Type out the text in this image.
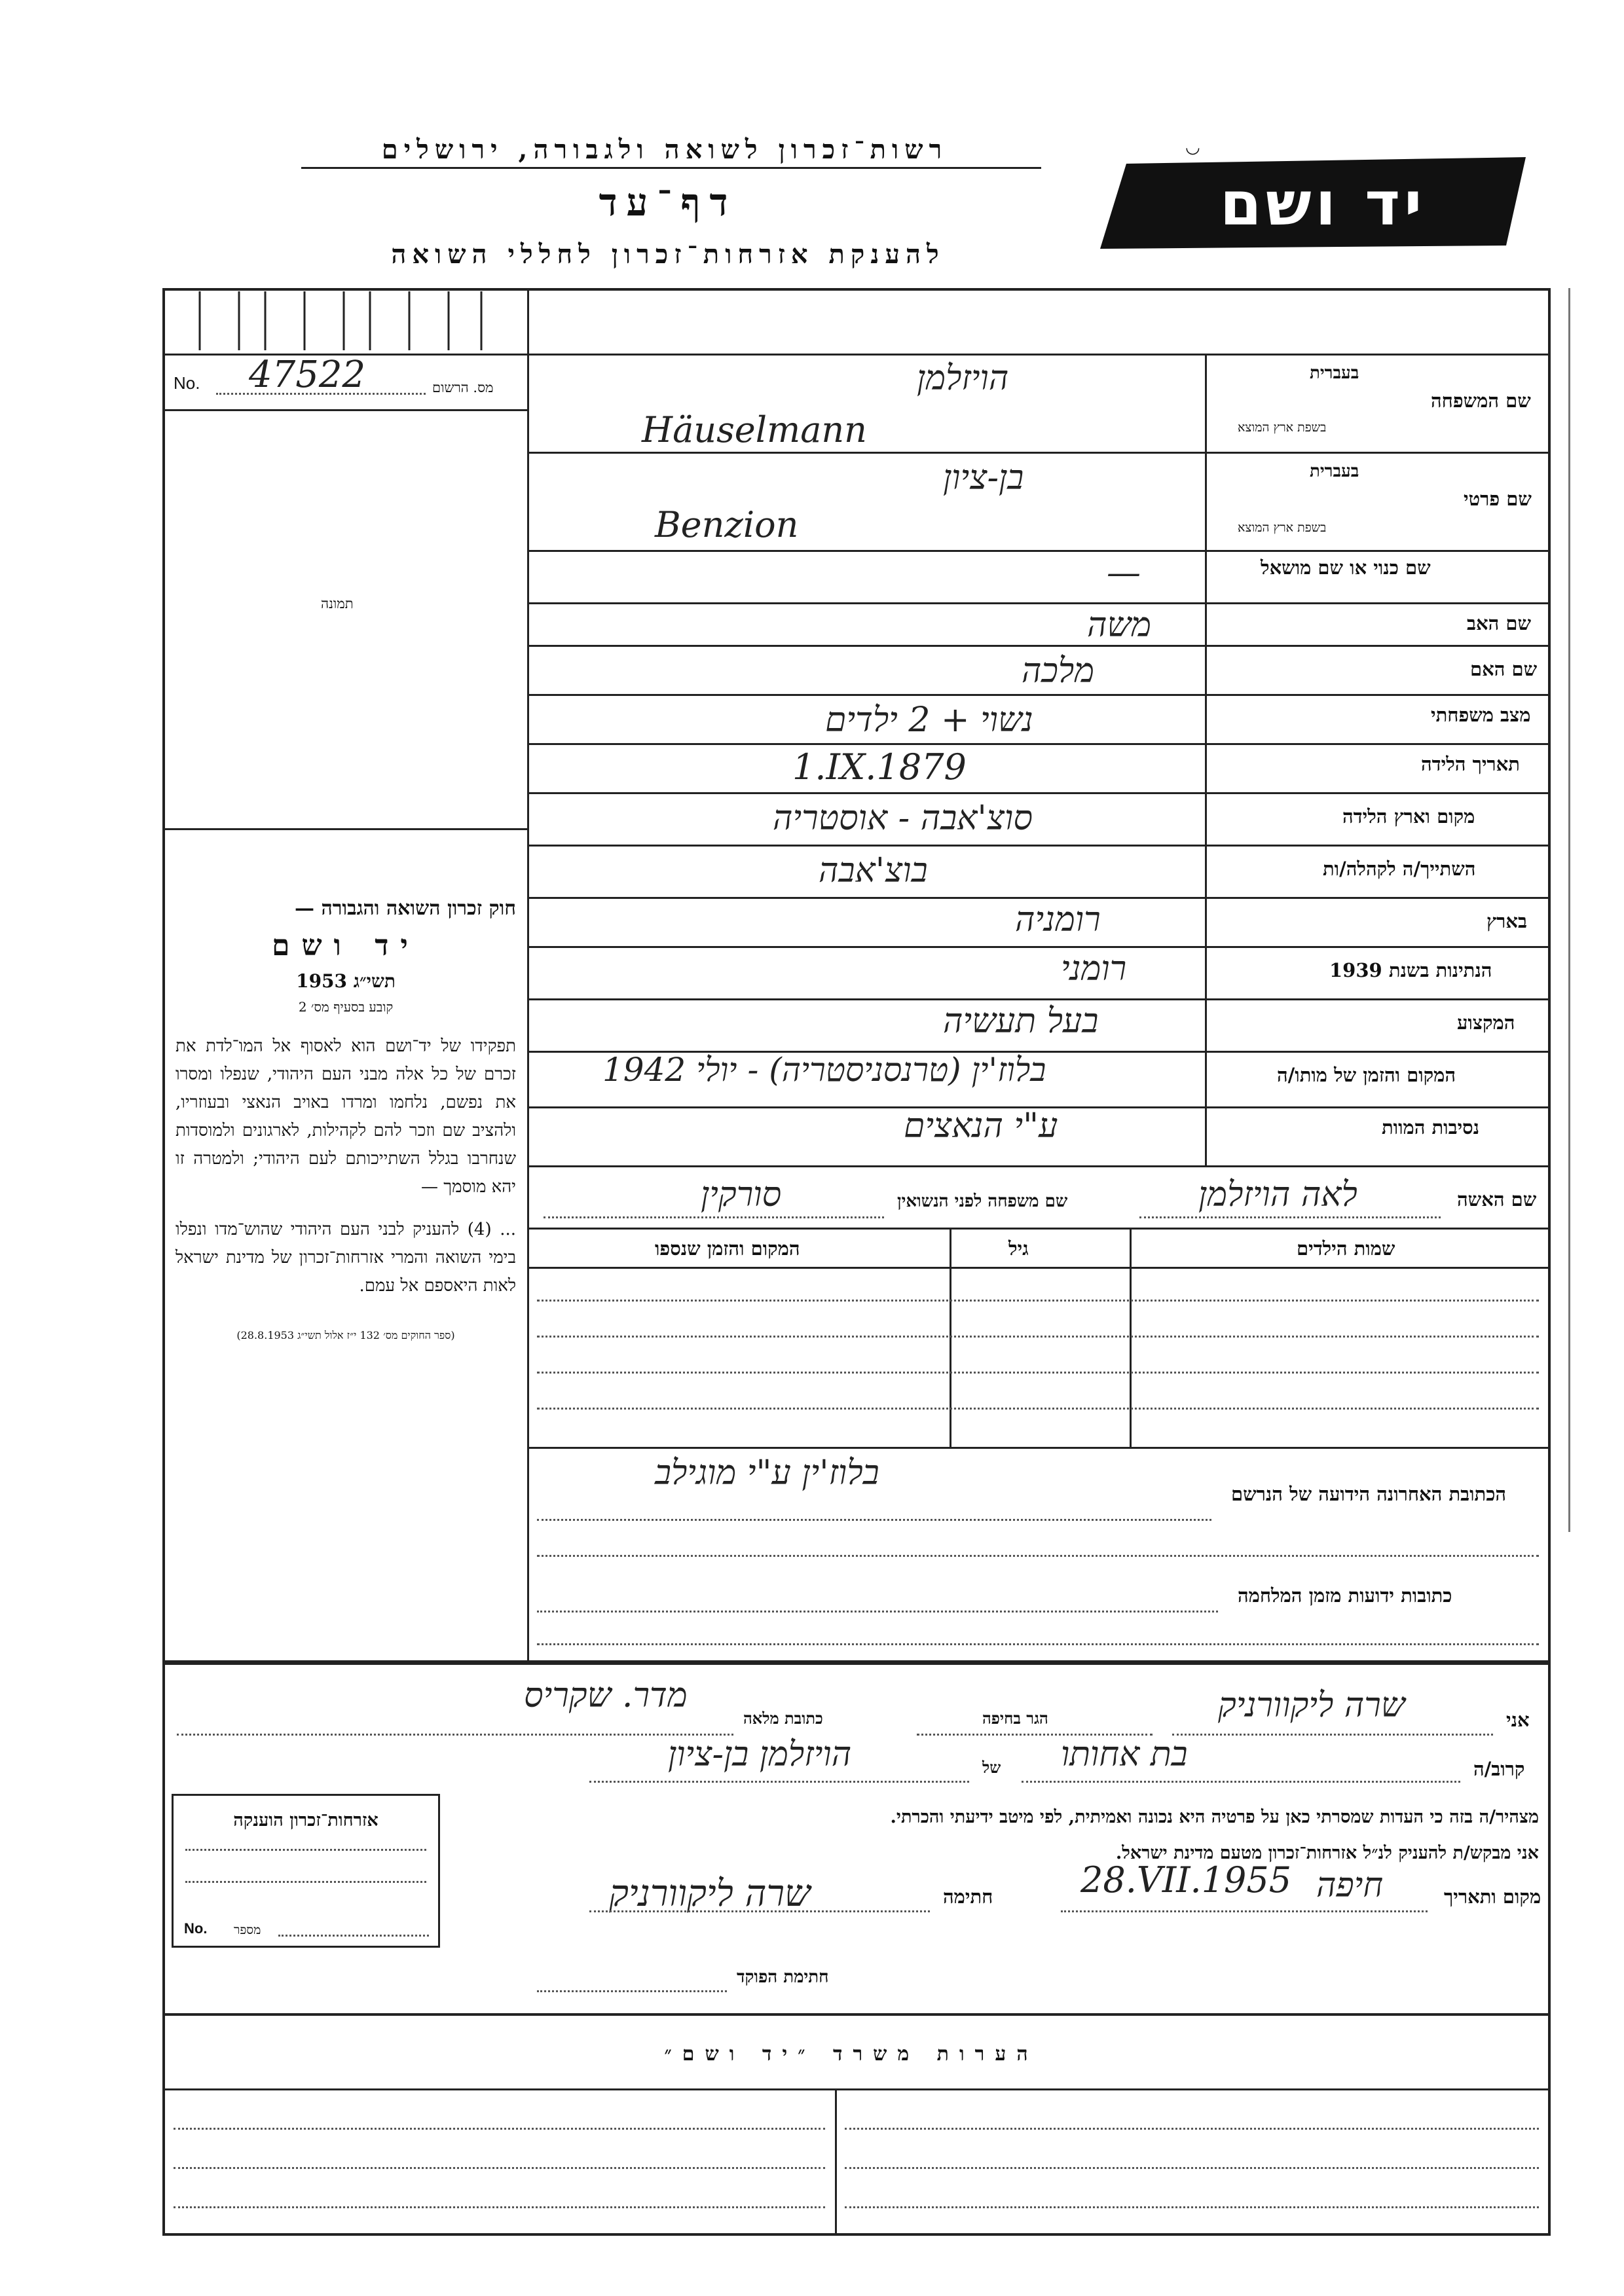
רשות־זכרון לשואה ולגבורה, ירושלים
דף־עד
להענקת אזרחות־זכרון לחללי השואה
יד ושם
◡
No. 47522	מס. הרשום
תמונה
חוק זכרון השואה והגבורה —
יד ושם
תשי״ג 1953
קובע בסעיף מס׳ 2
תפקידו של יד־ושם הוא לאסוף אל המו־לדת את זכרם של כל אלה מבני העם היהודי, שנפלו ומסרו את נפשם, נלחמו ומרדו באויב הנאצי ובעוזריו, ולהציב שם וזכר להם לקהילות, לארגונים ולמוסדות שנחרבו בגלל השתייכותם לעם היהודי; ולמטרה זו יהא מוסמך —
... (4) להעניק לבני העם היהודי שהוש־מדו ונפלו בימי השואה והמרי אזרחות־זכרון של מדינת ישראל לאות היאספם אל עמם.
(ספר החוקים מס׳ 132 י״ז אלול תשי״ג 28.8.1953)
בעברית
שם המשפחה
בשפת ארץ המוצא
הויזלמן
Häuselmann
בעברית
שם פרטי
בשפת ארץ המוצא
בן-ציון
Benzion
שם כנוי או שם מושאל
—
שם האב
משה
שם האם
מלכה
מצב משפחתי
נשוי + 2 ילדים
תאריך הלידה
1.IX.1879
מקום וארץ הלידה
סוצ'אבה - אוסטריה
השתייך/ה לקהלה/ות
בוצ'אבה
בארץ
רומניה
הנתינות בשנת 1939
רומני
המקצוע
בעל תעשיה
המקום והזמן של מותו/ה
בלוז'ין (טרנסניסטריה) - יולי 1942
נסיבות המוות
ע"י הנאצים
שם האשה
לאה הויזלמן
שם משפחה לפני הנשואין
סורקין
שמות הילדים
גיל
המקום והזמן שנספו
הכתובת האחרונה הידועה של הנרשם
בלוז'ין ע"י מוגילב
כתובות ידועות מזמן המלחמה
אני
שרה ליקוורניק
הגר בחיפה
כתובת מלאה
מדר. שקריס
קרוב/ה
בת אחותו
של
הויזלמן בן-ציון
מצהיר/ה בזה כי העדות שמסרתי כאן על פרטיה היא נכונה ואמיתית, לפי מיטב ידיעתי והכרתי.
אני מבקש/ת להעניק לנ״ל אזרחות־זכרון מטעם מדינת ישראל.
מקום ותאריך
חיפה
28.VII.1955
חתימה
שרה ליקוורניק
חתימת הפוקד
אזרחות־זכרון הוענקה
No. מספר
הערות משרד ״יד ושם״
